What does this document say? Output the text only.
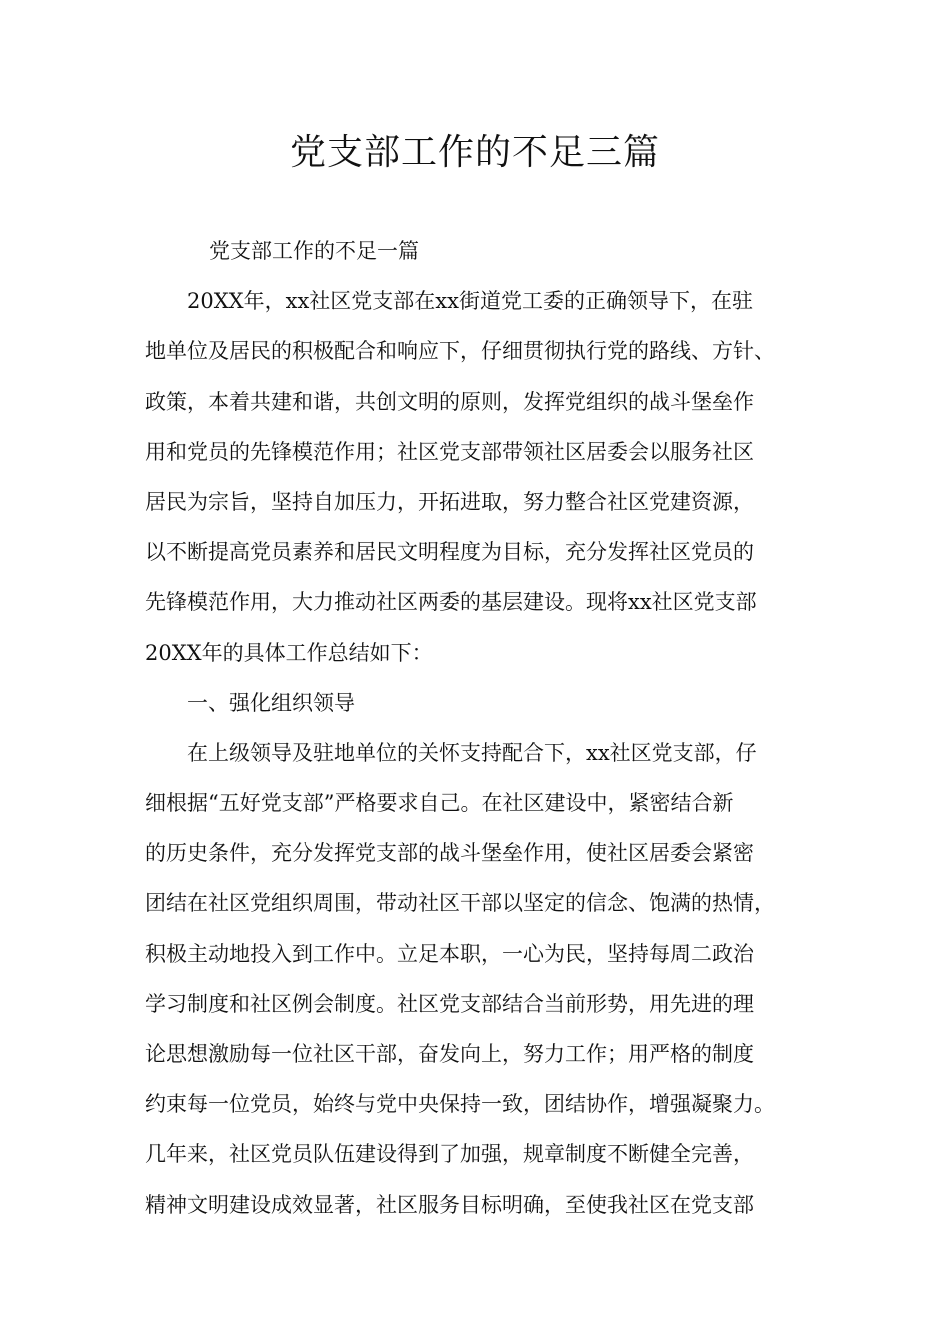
党支部工作的不足三篇

党支部工作的不足一篇

20XX年，xx社区党支部在xx街道党工委的正确领导下，在驻

地单位及居民的积极配合和响应下，仔细贯彻执行党的路线、方针、

政策，本着共建和谐，共创文明的原则，发挥党组织的战斗堡垒作

用和党员的先锋模范作用；社区党支部带领社区居委会以服务社区

居民为宗旨，坚持自加压力，开拓进取，努力整合社区党建资源，

以不断提高党员素养和居民文明程度为目标，充分发挥社区党员的

先锋模范作用，大力推动社区两委的基层建设。现将xx社区党支部

20XX年的具体工作总结如下：

一、强化组织领导

在上级领导及驻地单位的关怀支持配合下，xx社区党支部，仔

细根据“五好党支部”严格要求自己。在社区建设中，紧密结合新

的历史条件，充分发挥党支部的战斗堡垒作用，使社区居委会紧密

团结在社区党组织周围，带动社区干部以坚定的信念、饱满的热情，

积极主动地投入到工作中。立足本职，一心为民，坚持每周二政治

学习制度和社区例会制度。社区党支部结合当前形势，用先进的理

论思想激励每一位社区干部，奋发向上，努力工作；用严格的制度

约束每一位党员，始终与党中央保持一致，团结协作，增强凝聚力。

几年来，社区党员队伍建设得到了加强，规章制度不断健全完善，

精神文明建设成效显著，社区服务目标明确，至使我社区在党支部
